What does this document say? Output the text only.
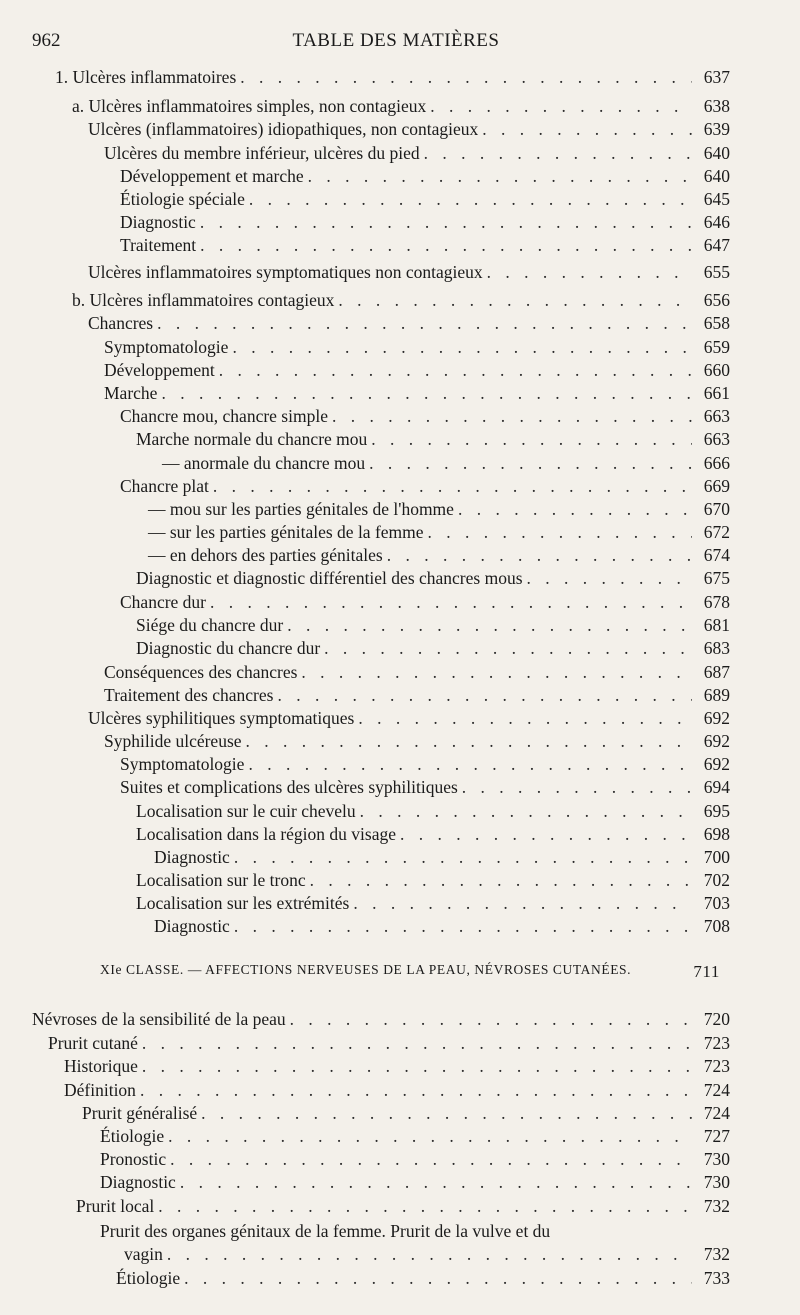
962	TABLE DES MATIÈRES
1. Ulcères inflammatoires . . .	637
a. Ulcères inflammatoires simples, non contagieux . . .	638
Ulcères (inflammatoires) idiopathiques, non contagieux . . .	639
Ulcères du membre inférieur, ulcères du pied . . .	640
Développement et marche . . .	640
Étiologie spéciale . . .	645
Diagnostic . . .	646
Traitement . . .	647
Ulcères inflammatoires symptomatiques non contagieux . . .	655
b. Ulcères inflammatoires contagieux . . .	656
Chancres . . .	658
Symptomatologie . . .	659
Développement . . .	660
Marche . . .	661
Chancre mou, chancre simple . . .	663
Marche normale du chancre mou . . .	663
— anormale du chancre mou . . .	666
Chancre plat . . .	669
— mou sur les parties génitales de l'homme . . .	670
— sur les parties génitales de la femme . . .	672
— en dehors des parties génitales . . .	674
Diagnostic et diagnostic différentiel des chancres mous . . .	675
Chancre dur . . .	678
Siége du chancre dur . . .	681
Diagnostic du chancre dur . . .	683
Conséquences des chancres . . .	687
Traitement des chancres . . .	689
Ulcères syphilitiques symptomatiques . . .	692
Syphilide ulcéreuse . . .	692
Symptomatologie . . .	692
Suites et complications des ulcères syphilitiques . . .	694
Localisation sur le cuir chevelu . . .	695
Localisation dans la région du visage . . .	698
Diagnostic . . .	700
Localisation sur le tronc . . .	702
Localisation sur les extrémités . . .	703
Diagnostic . . .	708
Névroses de la sensibilité de la peau . . .	720
Prurit cutané . . .	723
Historique . . .	723
Définition . . .	724
Prurit généralisé . . .	724
Étiologie . . .	727
Pronostic . . .	730
Diagnostic . . .	730
Prurit local . . .	732
Prurit des organes génitaux de la femme. Prurit de la vulve et du
vagin . . .	732
Étiologie . . .	733
XIe CLASSE. — AFFECTIONS NERVEUSES DE LA PEAU, NÉVROSES CUTANÉES.	711
